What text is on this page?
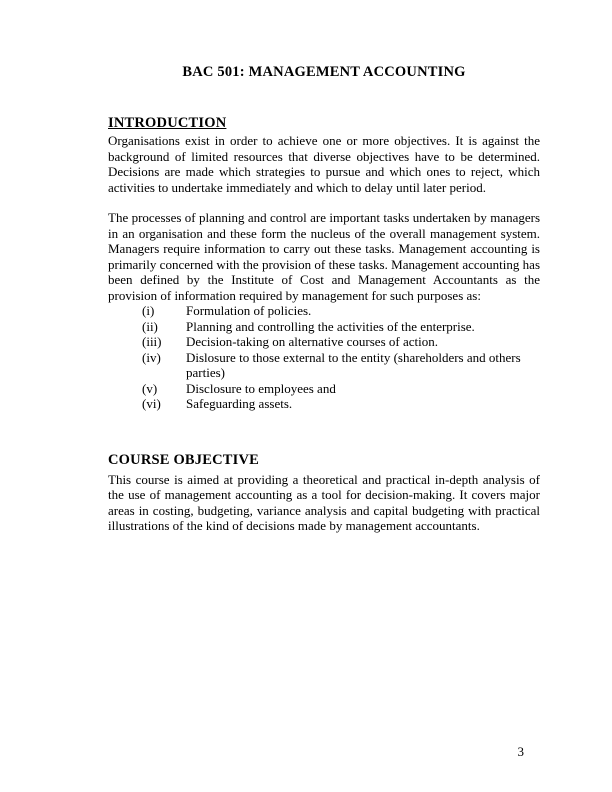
BAC 501: MANAGEMENT ACCOUNTING
INTRODUCTION

Organisations exist in order to achieve one or more objectives. It is against the background of limited resources that diverse objectives have to be determined. Decisions are made which strategies to pursue and which ones to reject, which activities to undertake immediately and which to delay until later period.

The processes of planning and control are important tasks undertaken by managers in an organisation and these form the nucleus of the overall management system. Managers require information to carry out these tasks. Management accounting is primarily concerned with the provision of these tasks. Management accounting has been defined by the Institute of Cost and Management Accountants as the provision of information required by management for such purposes as:

(i)	Formulation of policies.
(ii)	Planning and controlling the activities of the enterprise.
(iii)	Decision-taking on alternative courses of action.
(iv)	Dislosure to those external to the entity (shareholders and others parties)
(v)	Disclosure to employees and
(vi)	Safeguarding assets.
COURSE OBJECTIVE

This course is aimed at providing a theoretical and practical in-depth analysis of the use of management accounting as a tool for decision-making. It covers major areas in costing, budgeting, variance analysis and capital budgeting with practical illustrations of the kind of decisions made by management accountants.

3
